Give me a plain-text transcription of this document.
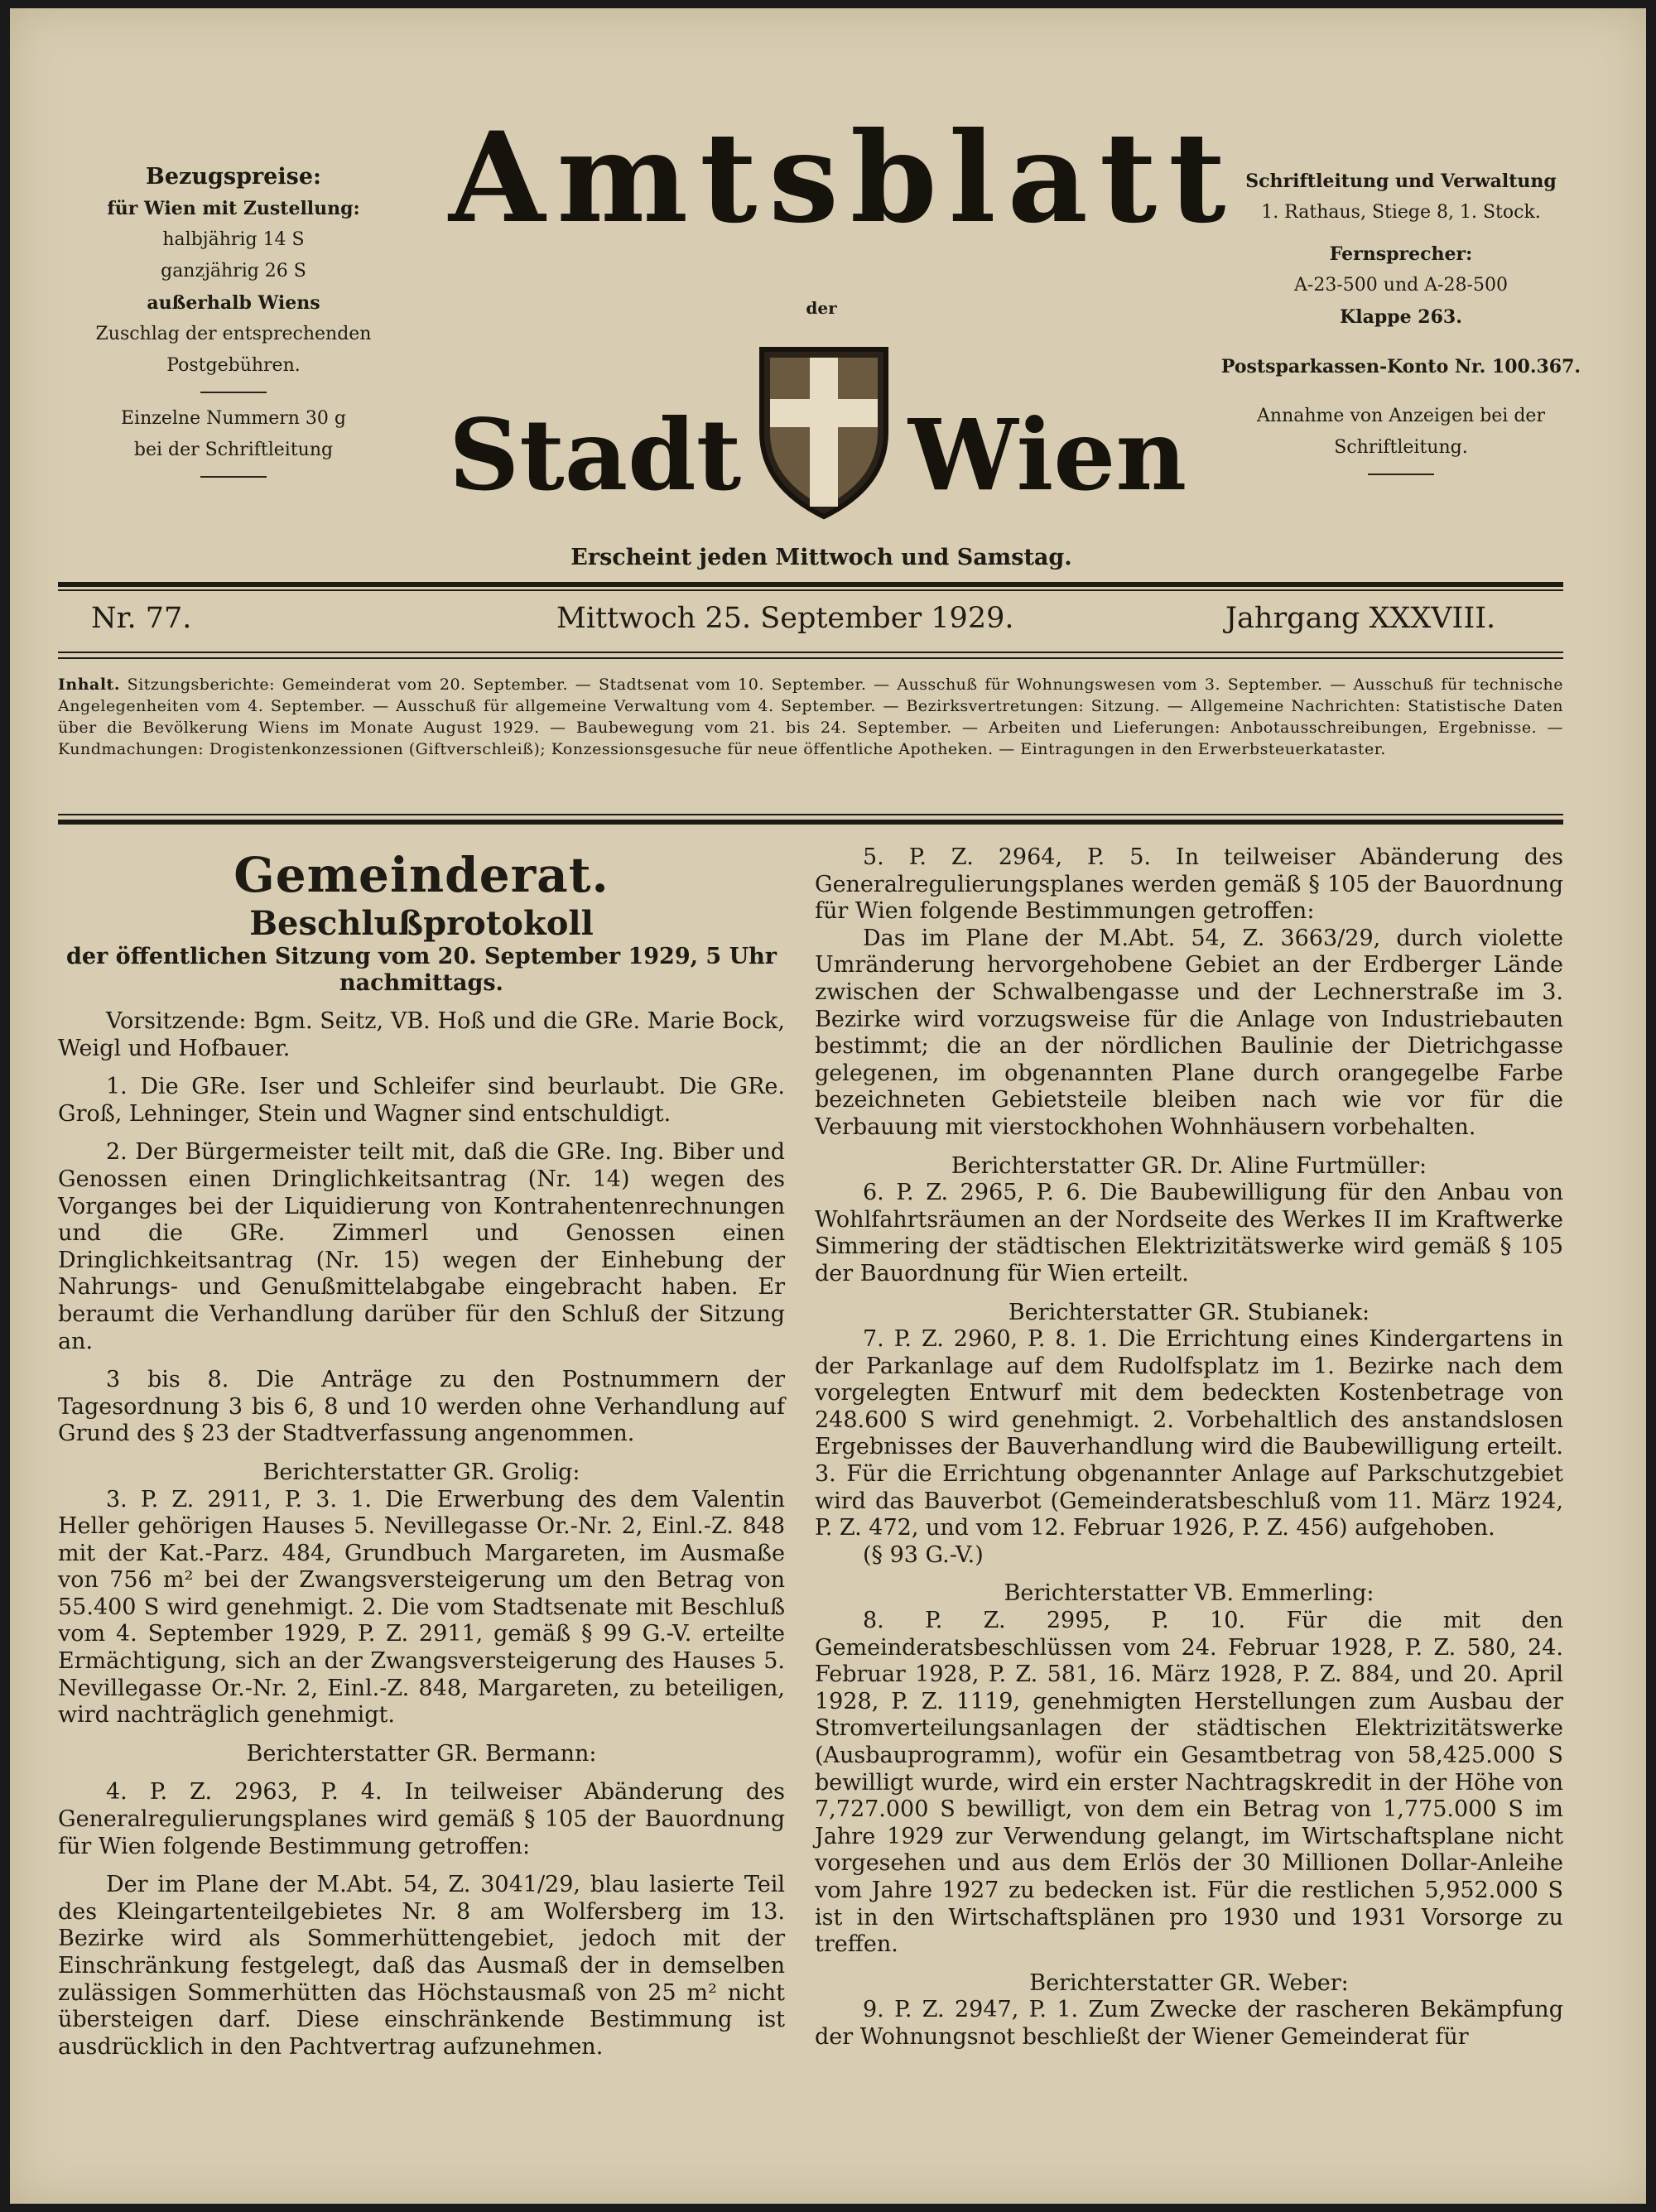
Bezugspreise:
für Wien mit Zustellung:
halbjährig 14 S
ganzjährig 26 S
außerhalb Wiens
Zuschlag der entsprechenden
Postgebühren.
Einzelne Nummern 30 g
bei der Schriftleitung
Amtsblatt
der
Stadt Wien
Erscheint jeden Mittwoch und Samstag.
Schriftleitung und Verwaltung
1. Rathaus, Stiege 8, 1. Stock.
Fernsprecher:
A-23-500 und A-28-500
Klappe 263.
Postsparkassen-Konto Nr. 100.367.
Annahme von Anzeigen bei der
Schriftleitung.
Nr. 77.	Mittwoch 25. September 1929.	Jahrgang XXXVIII.
Inhalt. Sitzungsberichte: Gemeinderat vom 20. September. — Stadtsenat vom 10. September. — Ausschuß für Wohnungswesen vom 3. September. — Ausschuß für technische Angelegenheiten vom 4. September. — Ausschuß für allgemeine Verwaltung vom 4. September. — Bezirksvertretungen: Sitzung. — Allgemeine Nachrichten: Statistische Daten über die Bevölkerung Wiens im Monate August 1929. — Baubewegung vom 21. bis 24. September. — Arbeiten und Lieferungen: Anbotausschreibungen, Ergebnisse. — Kundmachungen: Drogistenkonzessionen (Giftverschleiß); Konzessionsgesuche für neue öffentliche Apotheken. — Eintragungen in den Erwerbsteuerkataster.
Gemeinderat.
Beschlußprotokoll
der öffentlichen Sitzung vom 20. September 1929, 5 Uhr nachmittags.

Vorsitzende: Bgm. Seitz, VB. Hoß und die GRe. Marie Bock, Weigl und Hofbauer.

1. Die GRe. Iser und Schleifer sind beurlaubt. Die GRe. Groß, Lehninger, Stein und Wagner sind entschuldigt.

2. Der Bürgermeister teilt mit, daß die GRe. Ing. Biber und Genossen einen Dringlichkeitsantrag (Nr. 14) wegen des Vorganges bei der Liquidierung von Kontrahentenrechnungen und die GRe. Zimmerl und Genossen einen Dringlichkeitsantrag (Nr. 15) wegen der Einhebung der Nahrungs- und Genußmittelabgabe eingebracht haben. Er beraumt die Verhandlung darüber für den Schluß der Sitzung an.

3 bis 8. Die Anträge zu den Postnummern der Tagesordnung 3 bis 6, 8 und 10 werden ohne Verhandlung auf Grund des § 23 der Stadtverfassung angenommen.

Berichterstatter GR. Grolig:

3. P. Z. 2911, P. 3. 1. Die Erwerbung des dem Valentin Heller gehörigen Hauses 5. Nevillegasse Or.-Nr. 2, Einl.-Z. 848 mit der Kat.-Parz. 484, Grundbuch Margareten, im Ausmaße von 756 m² bei der Zwangsversteigerung um den Betrag von 55.400 S wird genehmigt. 2. Die vom Stadtsenate mit Beschluß vom 4. September 1929, P. Z. 2911, gemäß § 99 G.-V. erteilte Ermächtigung, sich an der Zwangsversteigerung des Hauses 5. Nevillegasse Or.-Nr. 2, Einl.-Z. 848, Margareten, zu beteiligen, wird nachträglich genehmigt.

Berichterstatter GR. Bermann:

4. P. Z. 2963, P. 4. In teilweiser Abänderung des Generalregulierungsplanes wird gemäß § 105 der Bauordnung für Wien folgende Bestimmung getroffen:

Der im Plane der M.Abt. 54, Z. 3041/29, blau lasierte Teil des Kleingartenteilgebietes Nr. 8 am Wolfersberg im 13. Bezirke wird als Sommerhüttengebiet, jedoch mit der Einschränkung festgelegt, daß das Ausmaß der in demselben zulässigen Sommerhütten das Höchstausmaß von 25 m² nicht übersteigen darf. Diese einschränkende Bestimmung ist ausdrücklich in den Pachtvertrag aufzunehmen.

5. P. Z. 2964, P. 5. In teilweiser Abänderung des Generalregulierungsplanes werden gemäß § 105 der Bauordnung für Wien folgende Bestimmungen getroffen:

Das im Plane der M.Abt. 54, Z. 3663/29, durch violette Umränderung hervorgehobene Gebiet an der Erdberger Lände zwischen der Schwalbengasse und der Lechnerstraße im 3. Bezirke wird vorzugsweise für die Anlage von Industriebauten bestimmt; die an der nördlichen Baulinie der Dietrichgasse gelegenen, im obgenannten Plane durch orangegelbe Farbe bezeichneten Gebietsteile bleiben nach wie vor für die Verbauung mit vierstockhohen Wohnhäusern vorbehalten.

Berichterstatter GR. Dr. Aline Furtmüller:

6. P. Z. 2965, P. 6. Die Baubewilligung für den Anbau von Wohlfahrtsräumen an der Nordseite des Werkes II im Kraftwerke Simmering der städtischen Elektrizitätswerke wird gemäß § 105 der Bauordnung für Wien erteilt.

Berichterstatter GR. Stubianek:

7. P. Z. 2960, P. 8. 1. Die Errichtung eines Kindergartens in der Parkanlage auf dem Rudolfsplatz im 1. Bezirke nach dem vorgelegten Entwurf mit dem bedeckten Kostenbetrage von 248.600 S wird genehmigt. 2. Vorbehaltlich des anstandslosen Ergebnisses der Bauverhandlung wird die Baubewilligung erteilt. 3. Für die Errichtung obgenannter Anlage auf Parkschutzgebiet wird das Bauverbot (Gemeinderatsbeschluß vom 11. März 1924, P. Z. 472, und vom 12. Februar 1926, P. Z. 456) aufgehoben.

(§ 93 G.-V.)

Berichterstatter VB. Emmerling:

8. P. Z. 2995, P. 10. Für die mit den Gemeinderatsbeschlüssen vom 24. Februar 1928, P. Z. 580, 24. Februar 1928, P. Z. 581, 16. März 1928, P. Z. 884, und 20. April 1928, P. Z. 1119, genehmigten Herstellungen zum Ausbau der Stromverteilungsanlagen der städtischen Elektrizitätswerke (Ausbauprogramm), wofür ein Gesamtbetrag von 58,425.000 S bewilligt wurde, wird ein erster Nachtragskredit in der Höhe von 7,727.000 S bewilligt, von dem ein Betrag von 1,775.000 S im Jahre 1929 zur Verwendung gelangt, im Wirtschaftsplane nicht vorgesehen und aus dem Erlös der 30 Millionen Dollar-Anleihe vom Jahre 1927 zu bedecken ist. Für die restlichen 5,952.000 S ist in den Wirtschaftsplänen pro 1930 und 1931 Vorsorge zu treffen.

Berichterstatter GR. Weber:

9. P. Z. 2947, P. 1. Zum Zwecke der rascheren Bekämpfung der Wohnungsnot beschließt der Wiener Gemeinderat für
